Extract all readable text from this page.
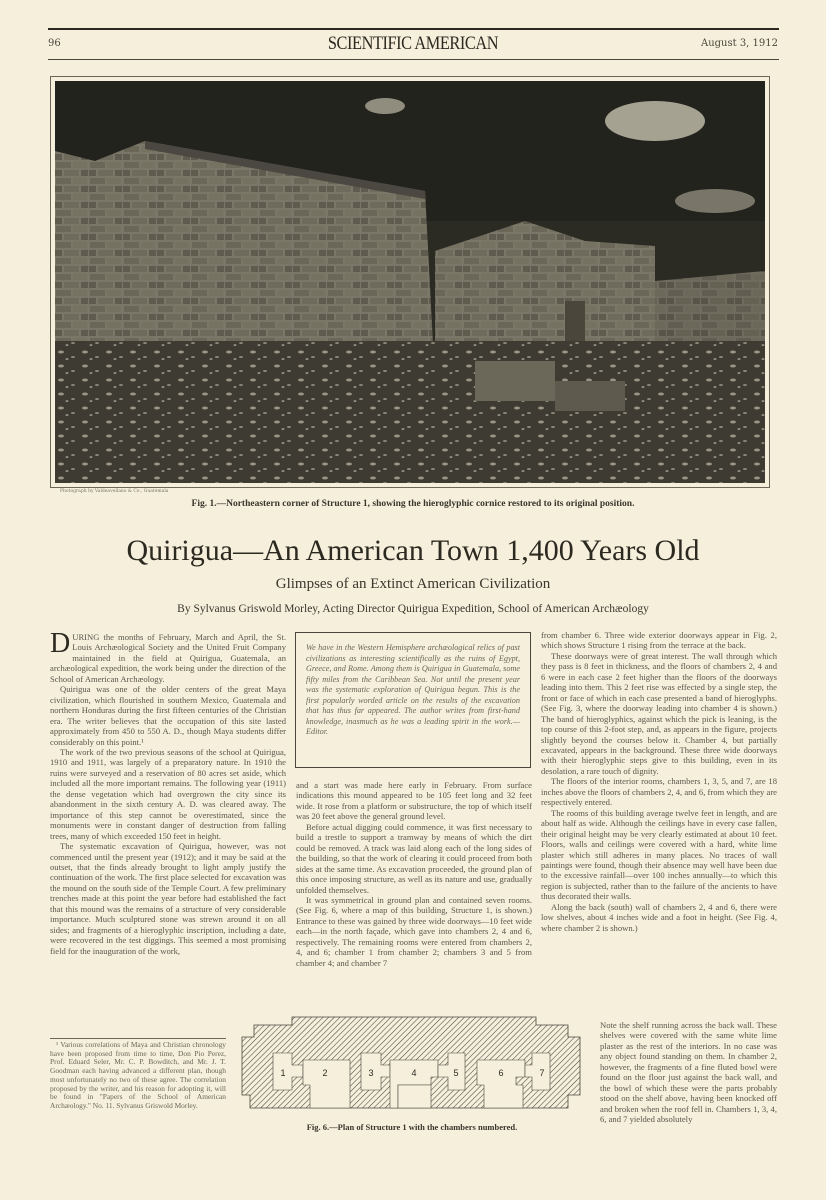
96	SCIENTIFIC AMERICAN	August 3, 1912
Photograph by Valdeavellano & Co., Guatemala
Fig. 1.—Northeastern corner of Structure 1, showing the hieroglyphic cornice restored to its original position.
Quirigua—An American Town 1,400 Years Old
Glimpses of an Extinct American Civilization
By Sylvanus Griswold Morley, Acting Director Quirigua Expedition, School of American Archæology

DURING the months of February, March and April, the St. Louis Archæological Society and the United Fruit Company maintained in the field at Quirigua, Guatemala, an archæological expedition, the work being under the direction of the School of American Archæology.

Quirigua was one of the older centers of the great Maya civilization, which flourished in southern Mexico, Guatemala and northern Honduras during the first fifteen centuries of the Christian era. The writer believes that the occupation of this site lasted approximately from 450 to 550 A. D., though Maya students differ considerably on this point.¹

The work of the two previous seasons of the school at Quirigua, 1910 and 1911, was largely of a preparatory nature. In 1910 the ruins were surveyed and a reservation of 80 acres set aside, which included all the more important remains. The following year (1911) the dense vegetation which had overgrown the city since its abandonment in the sixth century A. D. was cleared away. The importance of this step cannot be overestimated, since the monuments were in constant danger of destruction from falling trees, many of which exceeded 150 feet in height.

The systematic excavation of Quirigua, however, was not commenced until the present year (1912); and it may be said at the outset, that the finds already brought to light amply justify the continuation of the work. The first place selected for excavation was the mound on the south side of the Temple Court. A few preliminary trenches made at this point the year before had established the fact that this mound was the remains of a structure of very considerable importance. Much sculptured stone was strewn around it on all sides; and fragments of a hieroglyphic inscription, including a date, were recovered in the test diggings. This seemed a most promising field for the inauguration of the work,

We have in the Western Hemisphere archæological relics of past civilizations as interesting scientifically as the ruins of Egypt, Greece, and Rome. Among them is Quirigua in Guatemala, some fifty miles from the Caribbean Sea. Not until the present year was the systematic exploration of Quirigua begun. This is the first popularly worded article on the results of the excavation that has thus far appeared. The author writes from first-hand knowledge, inasmuch as he was a leading spirit in the work.—Editor.

and a start was made here early in February. From surface indications this mound appeared to be 105 feet long and 32 feet wide. It rose from a platform or substructure, the top of which itself was 20 feet above the general ground level.

Before actual digging could commence, it was first necessary to build a trestle to support a tramway by means of which the dirt could be removed. A track was laid along each of the long sides of the building, so that the work of clearing it could proceed from both sides at the same time. As excavation proceeded, the ground plan of this once imposing structure, as well as its nature and use, gradually unfolded themselves.

It was symmetrical in ground plan and contained seven rooms. (See Fig. 6, where a map of this building, Structure 1, is shown.) Entrance to these was gained by three wide doorways—10 feet wide each—in the north façade, which gave into chambers 2, 4 and 6, respectively. The remaining rooms were entered from chambers 2, 4, and 6; chamber 1 from chamber 2; chambers 3 and 5 from chamber 4; and chamber 7

from chamber 6. Three wide exterior doorways appear in Fig. 2, which shows Structure 1 rising from the terrace at the back.

These doorways were of great interest. The wall through which they pass is 8 feet in thickness, and the floors of chambers 2, 4 and 6 were in each case 2 feet higher than the floors of the doorways leading into them. This 2 feet rise was effected by a single step, the front or face of which in each case presented a band of hieroglyphs. (See Fig. 3, where the doorway leading into chamber 4 is shown.) The band of hieroglyphics, against which the pick is leaning, is the top course of this 2-foot step, and, as appears in the figure, projects slightly beyond the courses below it. Chamber 4, but partially excavated, appears in the background. These three wide doorways with their hieroglyphic steps give to this building, even in its desolation, a rare touch of dignity.

The floors of the interior rooms, chambers 1, 3, 5, and 7, are 18 inches above the floors of chambers 2, 4, and 6, from which they are respectively entered.

The rooms of this building average twelve feet in length, and are about half as wide. Although the ceilings have in every case fallen, their original height may be very clearly estimated at about 10 feet. Floors, walls and ceilings were covered with a hard, white lime plaster which still adheres in many places. No traces of wall paintings were found, though their absence may well have been due to the excessive rainfall—over 100 inches annually—to which this region is subjected, rather than to the failure of the ancients to have thus decorated their walls.

Along the back (south) wall of chambers 2, 4 and 6, there were low shelves, about 4 inches wide and a foot in height. (See Fig. 4, where chamber 2 is shown.)

Note the shelf running across the back wall. These shelves were covered with the same white lime plaster as the rest of the interiors. In no case was any object found standing on them. In chamber 2, however, the fragments of a fine fluted bowl were found on the floor just against the back wall, and the bowl of which these were the parts probably stood on the shelf above, having been knocked off and broken when the roof fell in. Chambers 1, 3, 4, 6, and 7 yielded absolutely
¹ Various correlations of Maya and Christian chronology have been proposed from time to time, Don Pio Perez, Prof. Eduard Seler, Mr. C. P. Bowditch, and Mr. J. T. Goodman each having advanced a different plan, though most unfortunately no two of these agree. The correlation proposed by the writer, and his reason for adopting it, will be found in "Papers of the School of American Archæology." No. 11. Sylvanus Griswold Morley.
1	2	3	4	5	6	7
Fig. 6.—Plan of Structure 1 with the chambers numbered.
